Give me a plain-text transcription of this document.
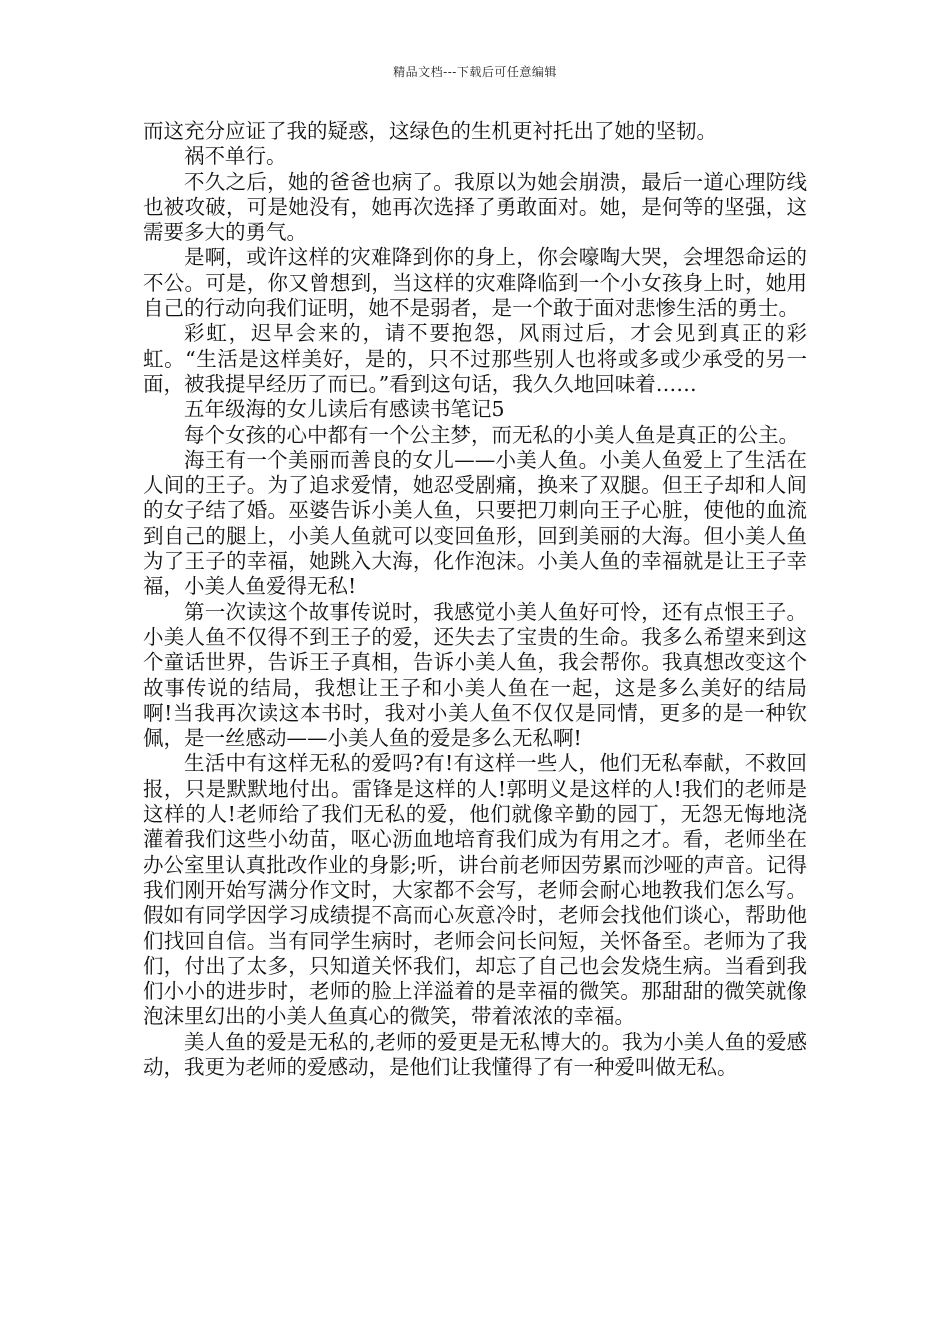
精品文档---下载后可任意编辑

而这充分应证了我的疑惑，这绿色的生机更衬托出了她的坚韧。

祸不单行。

不久之后，她的爸爸也病了。我原以为她会崩溃，最后一道心理防线也被攻破，可是她没有，她再次选择了勇敢面对。她，是何等的坚强，这需要多大的勇气。

是啊，或许这样的灾难降到你的身上，你会嚎啕大哭，会埋怨命运的不公。可是，你又曾想到，当这样的灾难降临到一个小女孩身上时，她用自己的行动向我们证明，她不是弱者，是一个敢于面对悲惨生活的勇士。

彩虹，迟早会来的，请不要抱怨，风雨过后，才会见到真正的彩虹。“生活是这样美好，是的，只不过那些别人也将或多或少承受的另一面，被我提早经历了而已。”看到这句话，我久久地回味着……

五年级海的女儿读后有感读书笔记5

每个女孩的心中都有一个公主梦，而无私的小美人鱼是真正的公主。

海王有一个美丽而善良的女儿——小美人鱼。小美人鱼爱上了生活在人间的王子。为了追求爱情，她忍受剧痛，换来了双腿。但王子却和人间的女子结了婚。巫婆告诉小美人鱼，只要把刀刺向王子心脏，使他的血流到自己的腿上，小美人鱼就可以变回鱼形，回到美丽的大海。但小美人鱼为了王子的幸福，她跳入大海，化作泡沫。小美人鱼的幸福就是让王子幸福，小美人鱼爱得无私!

第一次读这个故事传说时，我感觉小美人鱼好可怜，还有点恨王子。小美人鱼不仅得不到王子的爱，还失去了宝贵的生命。我多么希望来到这个童话世界，告诉王子真相，告诉小美人鱼，我会帮你。我真想改变这个故事传说的结局，我想让王子和小美人鱼在一起，这是多么美好的结局啊!当我再次读这本书时，我对小美人鱼不仅仅是同情，更多的是一种钦佩，是一丝感动——小美人鱼的爱是多么无私啊!

生活中有这样无私的爱吗?有!有这样一些人，他们无私奉献，不救回报，只是默默地付出。雷锋是这样的人!郭明义是这样的人!我们的老师是这样的人!老师给了我们无私的爱，他们就像辛勤的园丁，无怨无悔地浇灌着我们这些小幼苗，呕心沥血地培育我们成为有用之才。看，老师坐在办公室里认真批改作业的身影;听，讲台前老师因劳累而沙哑的声音。记得我们刚开始写满分作文时，大家都不会写，老师会耐心地教我们怎么写。假如有同学因学习成绩提不高而心灰意冷时，老师会找他们谈心，帮助他们找回自信。当有同学生病时，老师会问长问短，关怀备至。老师为了我们，付出了太多，只知道关怀我们，却忘了自己也会发烧生病。当看到我们小小的进步时，老师的脸上洋溢着的是幸福的微笑。那甜甜的微笑就像泡沫里幻出的小美人鱼真心的微笑，带着浓浓的幸福。

美人鱼的爱是无私的,老师的爱更是无私博大的。我为小美人鱼的爱感动，我更为老师的爱感动，是他们让我懂得了有一种爱叫做无私。
